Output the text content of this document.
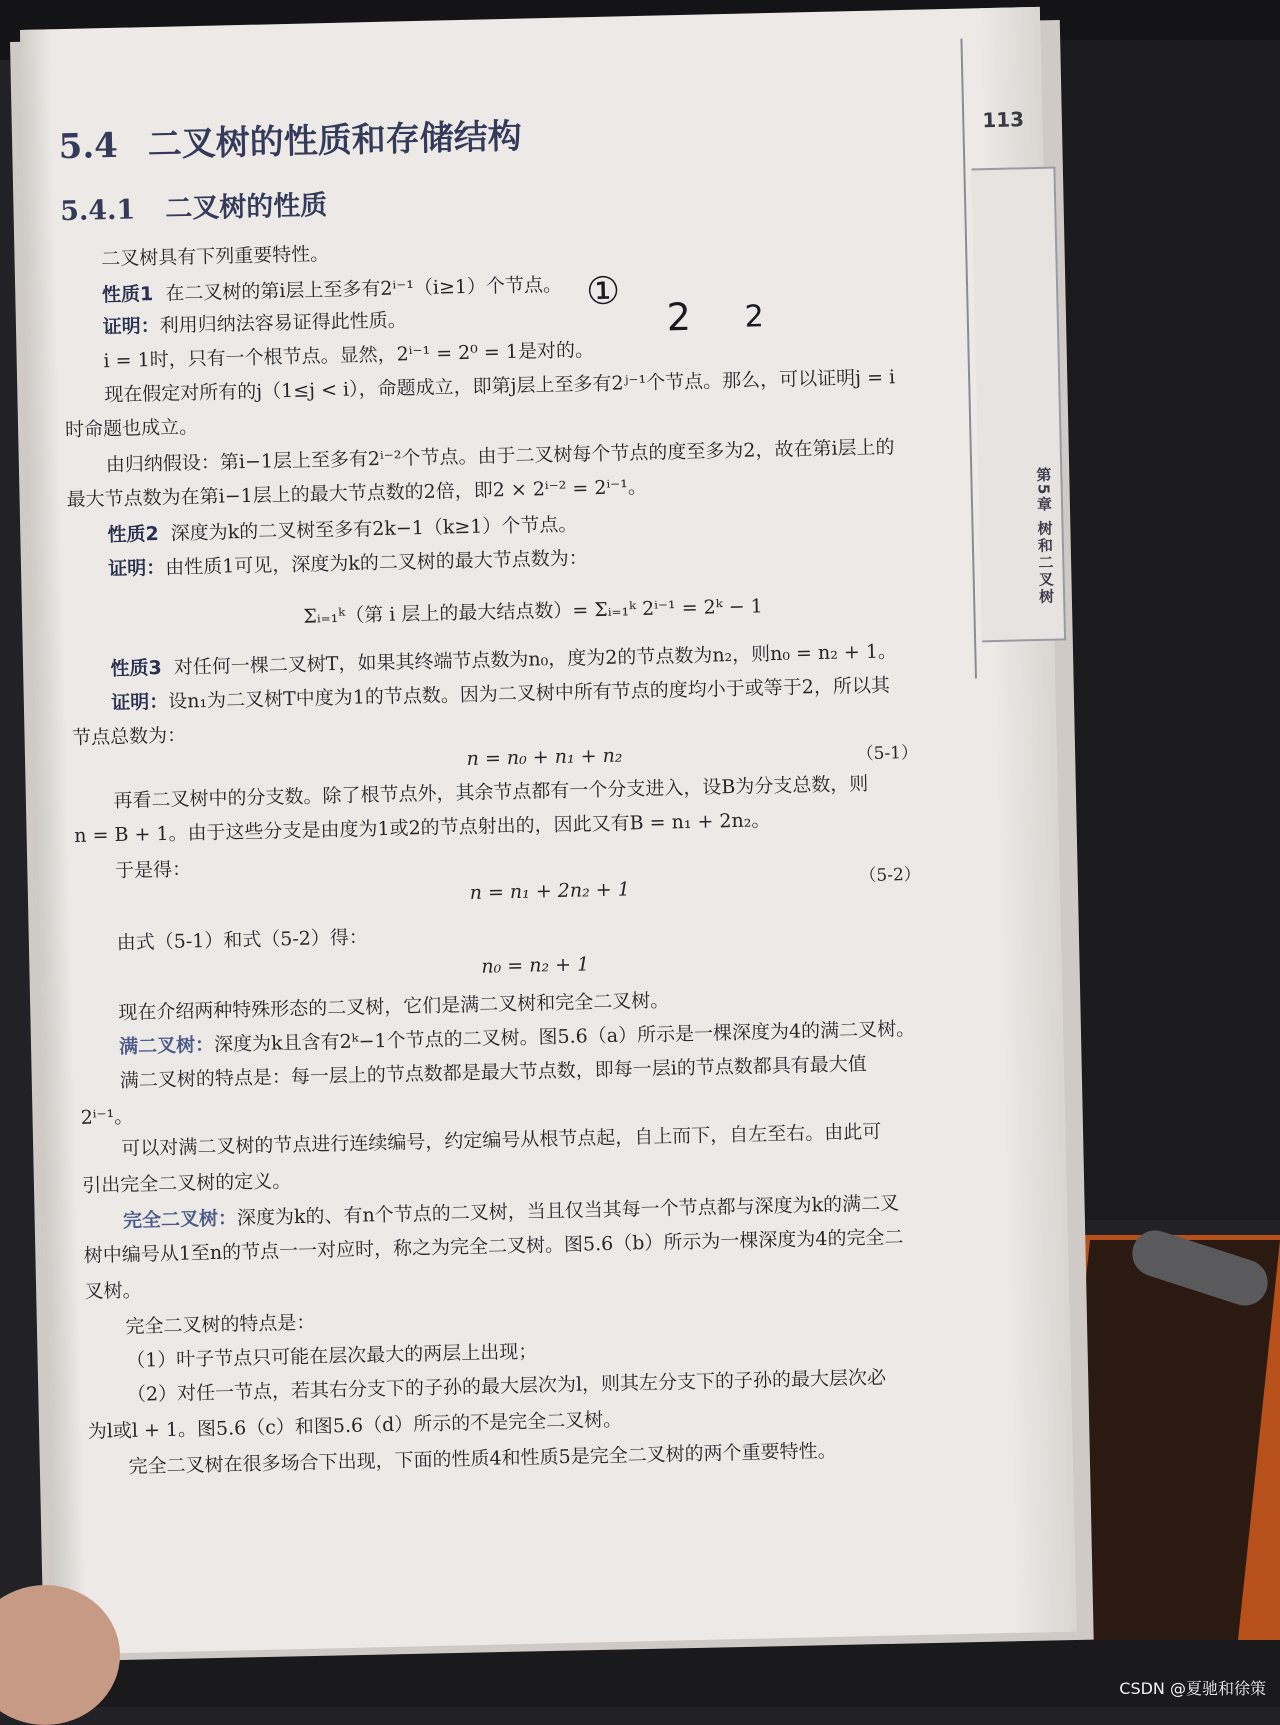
第5章 树和二叉树
113
5.4 二叉树的性质和存储结构
5.4.1 二叉树的性质
二叉树具有下列重要特性。
性质1 在二叉树的第i层上至多有2ⁱ⁻¹（i≥1）个节点。 ①
2 2
证明：利用归纳法容易证得此性质。
i = 1时，只有一个根节点。显然，2ⁱ⁻¹ = 2⁰ = 1是对的。
现在假定对所有的j（1≤j < i），命题成立，即第j层上至多有2ʲ⁻¹个节点。那么，可以证明j = i
时命题也成立。
由归纳假设：第i−1层上至多有2ⁱ⁻²个节点。由于二叉树每个节点的度至多为2，故在第i层上的
最大节点数为在第i−1层上的最大节点数的2倍，即2 × 2ⁱ⁻² = 2ⁱ⁻¹。
性质2 深度为k的二叉树至多有2k−1（k≥1）个节点。
证明：由性质1可见，深度为k的二叉树的最大节点数为：
Σᵢ₌₁ᵏ（第 i 层上的最大结点数）= Σᵢ₌₁ᵏ 2ⁱ⁻¹ = 2ᵏ − 1
性质3 对任何一棵二叉树T，如果其终端节点数为n₀，度为2的节点数为n₂，则n₀ = n₂ + 1。
证明：设n₁为二叉树T中度为1的节点数。因为二叉树中所有节点的度均小于或等于2，所以其
节点总数为：
n = n₀ + n₁ + n₂	（5-1）
再看二叉树中的分支数。除了根节点外，其余节点都有一个分支进入，设B为分支总数，则
n = B + 1。由于这些分支是由度为1或2的节点射出的，因此又有B = n₁ + 2n₂。
于是得：
n = n₁ + 2n₂ + 1
（5-2）
由式（5-1）和式（5-2）得：
n₀ = n₂ + 1
现在介绍两种特殊形态的二叉树，它们是满二叉树和完全二叉树。
满二叉树：深度为k且含有2ᵏ−1个节点的二叉树。图5.6（a）所示是一棵深度为4的满二叉树。
满二叉树的特点是：每一层上的节点数都是最大节点数，即每一层i的节点数都具有最大值
2ⁱ⁻¹。
可以对满二叉树的节点进行连续编号，约定编号从根节点起，自上而下，自左至右。由此可
引出完全二叉树的定义。
完全二叉树：深度为k的、有n个节点的二叉树，当且仅当其每一个节点都与深度为k的满二叉
树中编号从1至n的节点一一对应时，称之为完全二叉树。图5.6（b）所示为一棵深度为4的完全二
叉树。
完全二叉树的特点是：
（1）叶子节点只可能在层次最大的两层上出现；
（2）对任一节点，若其右分支下的子孙的最大层次为l，则其左分支下的子孙的最大层次必
为l或l + 1。图5.6（c）和图5.6（d）所示的不是完全二叉树。
完全二叉树在很多场合下出现，下面的性质4和性质5是完全二叉树的两个重要特性。
CSDN @夏驰和徐策
